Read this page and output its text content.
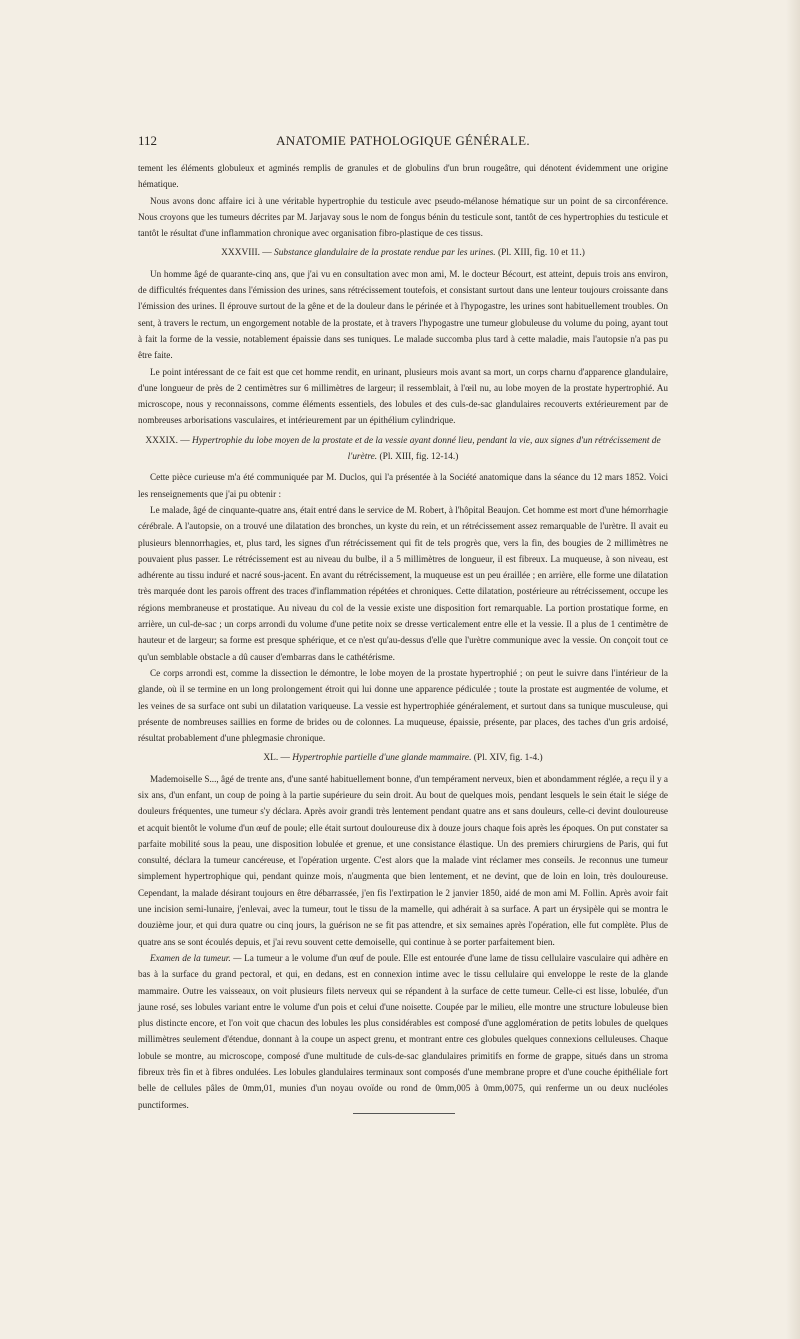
112	ANATOMIE PATHOLOGIQUE GÉNÉRALE.

tement les éléments globuleux et agminés remplis de granules et de globulins d'un brun rougeâtre, qui dénotent évidemment une origine hématique.

Nous avons donc affaire ici à une véritable hypertrophie du testicule avec pseudo-mélanose hématique sur un point de sa circonférence. Nous croyons que les tumeurs décrites par M. Jarjavay sous le nom de fongus bénin du testicule sont, tantôt de ces hypertrophies du testicule et tantôt le résultat d'une inflammation chronique avec organisation fibro-plastique de ces tissus.

XXXVIII. — Substance glandulaire de la prostate rendue par les urines. (Pl. XIII, fig. 10 et 11.)

Un homme âgé de quarante-cinq ans, que j'ai vu en consultation avec mon ami, M. le docteur Bécourt, est atteint, depuis trois ans environ, de difficultés fréquentes dans l'émission des urines, sans rétrécissement toutefois, et consistant surtout dans une lenteur toujours croissante dans l'émission des urines. Il éprouve surtout de la gêne et de la douleur dans le périnée et à l'hypogastre, les urines sont habituellement troubles. On sent, à travers le rectum, un engorgement notable de la prostate, et à travers l'hypogastre une tumeur globuleuse du volume du poing, ayant tout à fait la forme de la vessie, notablement épaissie dans ses tuniques. Le malade succomba plus tard à cette maladie, mais l'autopsie n'a pas pu être faite.

Le point intéressant de ce fait est que cet homme rendit, en urinant, plusieurs mois avant sa mort, un corps charnu d'apparence glandulaire, d'une longueur de près de 2 centimètres sur 6 millimètres de largeur; il ressemblait, à l'œil nu, au lobe moyen de la prostate hypertrophié. Au microscope, nous y reconnaissons, comme éléments essentiels, des lobules et des culs-de-sac glandulaires recouverts extérieurement par de nombreuses arborisations vasculaires, et intérieurement par un épithélium cylindrique.

XXXIX. — Hypertrophie du lobe moyen de la prostate et de la vessie ayant donné lieu, pendant la vie, aux signes d'un rétrécissement de l'urètre. (Pl. XIII, fig. 12-14.)

Cette pièce curieuse m'a été communiquée par M. Duclos, qui l'a présentée à la Société anatomique dans la séance du 12 mars 1852. Voici les renseignements que j'ai pu obtenir :

Le malade, âgé de cinquante-quatre ans, était entré dans le service de M. Robert, à l'hôpital Beaujon. Cet homme est mort d'une hémorrhagie cérébrale. A l'autopsie, on a trouvé une dilatation des bronches, un kyste du rein, et un rétrécissement assez remarquable de l'urètre. Il avait eu plusieurs blennorrhagies, et, plus tard, les signes d'un rétrécissement qui fit de tels progrès que, vers la fin, des bougies de 2 millimètres ne pouvaient plus passer. Le rétrécissement est au niveau du bulbe, il a 5 millimètres de longueur, il est fibreux. La muqueuse, à son niveau, est adhérente au tissu induré et nacré sous-jacent. En avant du rétrécissement, la muqueuse est un peu éraillée ; en arrière, elle forme une dilatation très marquée dont les parois offrent des traces d'inflammation répétées et chroniques. Cette dilatation, postérieure au rétrécissement, occupe les régions membraneuse et prostatique. Au niveau du col de la vessie existe une disposition fort remarquable. La portion prostatique forme, en arrière, un cul-de-sac ; un corps arrondi du volume d'une petite noix se dresse verticalement entre elle et la vessie. Il a plus de 1 centimètre de hauteur et de largeur; sa forme est presque sphérique, et ce n'est qu'au-dessus d'elle que l'urètre communique avec la vessie. On conçoit tout ce qu'un semblable obstacle a dû causer d'embarras dans le cathétérisme.

Ce corps arrondi est, comme la dissection le démontre, le lobe moyen de la prostate hypertrophié ; on peut le suivre dans l'intérieur de la glande, où il se termine en un long prolongement étroit qui lui donne une apparence pédiculée ; toute la prostate est augmentée de volume, et les veines de sa surface ont subi un dilatation variqueuse. La vessie est hypertrophiée généralement, et surtout dans sa tunique musculeuse, qui présente de nombreuses saillies en forme de brides ou de colonnes. La muqueuse, épaissie, présente, par places, des taches d'un gris ardoisé, résultat probablement d'une phlegmasie chronique.

XL. — Hypertrophie partielle d'une glande mammaire. (Pl. XIV, fig. 1-4.)

Mademoiselle S..., âgé de trente ans, d'une santé habituellement bonne, d'un tempérament nerveux, bien et abondamment réglée, a reçu il y a six ans, d'un enfant, un coup de poing à la partie supérieure du sein droit. Au bout de quelques mois, pendant lesquels le sein était le siége de douleurs fréquentes, une tumeur s'y déclara. Après avoir grandi très lentement pendant quatre ans et sans douleurs, celle-ci devint douloureuse et acquit bientôt le volume d'un œuf de poule; elle était surtout douloureuse dix à douze jours chaque fois après les époques. On put constater sa parfaite mobilité sous la peau, une disposition lobulée et grenue, et une consistance élastique. Un des premiers chirurgiens de Paris, qui fut consulté, déclara la tumeur cancéreuse, et l'opération urgente. C'est alors que la malade vint réclamer mes conseils. Je reconnus une tumeur simplement hypertrophique qui, pendant quinze mois, n'augmenta que bien lentement, et ne devint, que de loin en loin, très douloureuse. Cependant, la malade désirant toujours en être débarrassée, j'en fis l'extirpation le 2 janvier 1850, aidé de mon ami M. Follin. Après avoir fait une incision semi-lunaire, j'enlevai, avec la tumeur, tout le tissu de la mamelle, qui adhérait à sa surface. A part un érysipèle qui se montra le douzième jour, et qui dura quatre ou cinq jours, la guérison ne se fit pas attendre, et six semaines après l'opération, elle fut complète. Plus de quatre ans se sont écoulés depuis, et j'ai revu souvent cette demoiselle, qui continue à se porter parfaitement bien.

Examen de la tumeur. — La tumeur a le volume d'un œuf de poule. Elle est entourée d'une lame de tissu cellulaire vasculaire qui adhère en bas à la surface du grand pectoral, et qui, en dedans, est en connexion intime avec le tissu cellulaire qui enveloppe le reste de la glande mammaire. Outre les vaisseaux, on voit plusieurs filets nerveux qui se répandent à la surface de cette tumeur. Celle-ci est lisse, lobulée, d'un jaune rosé, ses lobules variant entre le volume d'un pois et celui d'une noisette. Coupée par le milieu, elle montre une structure lobuleuse bien plus distincte encore, et l'on voit que chacun des lobules les plus considérables est composé d'une agglomération de petits lobules de quelques millimètres seulement d'étendue, donnant à la coupe un aspect grenu, et montrant entre ces globules quelques connexions celluleuses. Chaque lobule se montre, au microscope, composé d'une multitude de culs-de-sac glandulaires primitifs en forme de grappe, situés dans un stroma fibreux très fin et à fibres ondulées. Les lobules glandulaires terminaux sont composés d'une membrane propre et d'une couche épithéliale fort belle de cellules pâles de 0mm,01, munies d'un noyau ovoïde ou rond de 0mm,005 à 0mm,0075, qui renferme un ou deux nucléoles punctiformes.
